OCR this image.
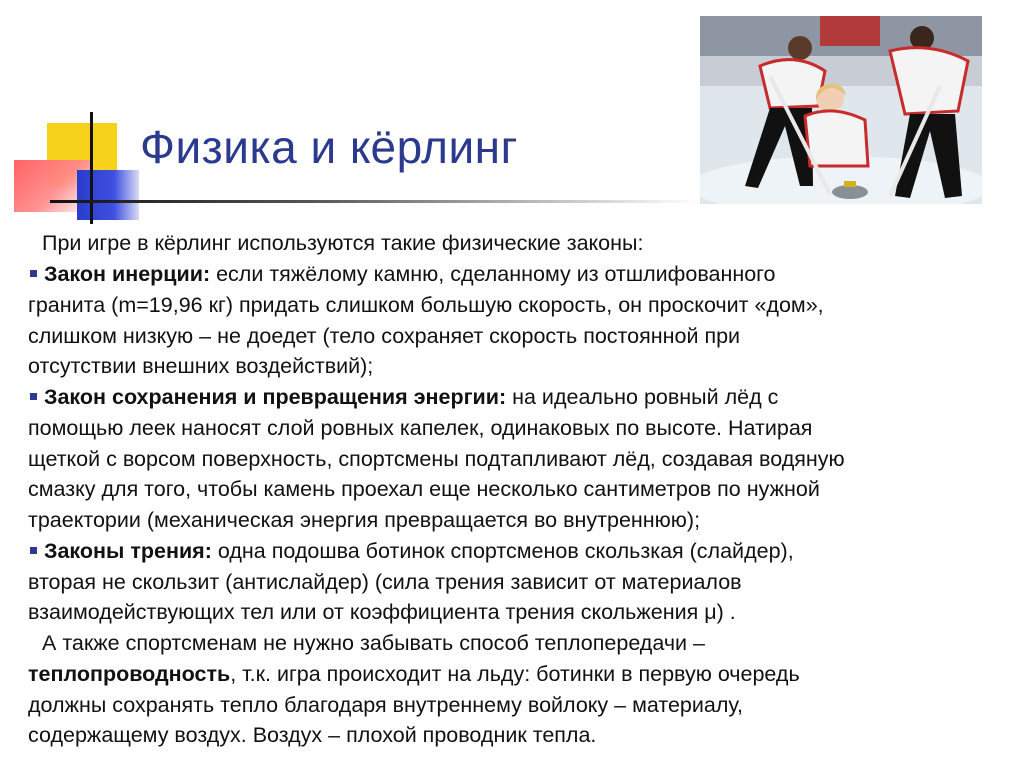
Физика и кёрлинг
При игре в кёрлинг используются такие физические законы:
Закон инерции: если тяжёлому камню, сделанному из отшлифованного
гранита (m=19,96 кг) придать слишком большую скорость, он проскочит «дом»,
слишком низкую – не доедет (тело сохраняет скорость постоянной при
отсутствии внешних воздействий);
Закон сохранения и превращения энергии: на идеально ровный лёд с
помощью леек наносят слой ровных капелек, одинаковых по высоте. Натирая
щеткой с ворсом поверхность, спортсмены подтапливают лёд, создавая водяную
смазку для того, чтобы камень проехал еще несколько сантиметров по нужной
траектории (механическая энергия превращается во внутреннюю);
Законы трения: одна подошва ботинок спортсменов скользкая (слайдер),
вторая не скользит (антислайдер) (сила трения зависит от материалов
взаимодействующих тел или от коэффициента трения скольжения μ) .
А также спортсменам не нужно забывать способ теплопередачи –
теплопроводность, т.к. игра происходит на льду: ботинки в первую очередь
должны сохранять тепло благодаря внутреннему войлоку – материалу,
содержащему воздух. Воздух – плохой проводник тепла.
